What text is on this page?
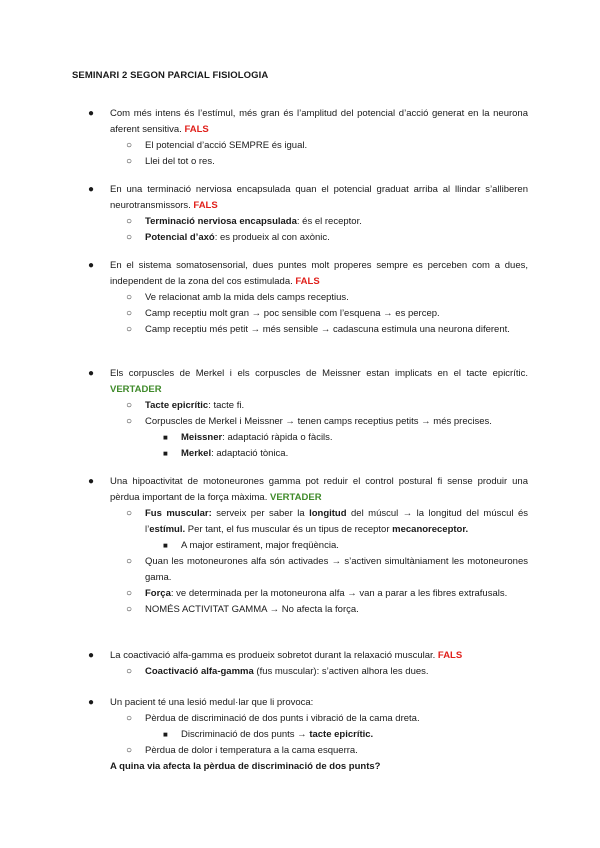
SEMINARI 2 SEGON PARCIAL FISIOLOGIA
● Com més intens és l’estímul, més gran és l’amplitud del potencial d’acció generat en la neurona aferent sensitiva. FALS
○ El potencial d’acció SEMPRE és igual.
○ Llei del tot o res.
● En una terminació nerviosa encapsulada quan el potencial graduat arriba al llindar s’alliberen neurotransmissors. FALS
○ Terminació nerviosa encapsulada: és el receptor.
○ Potencial d’axó: es produeix al con axònic.
● En el sistema somatosensorial, dues puntes molt properes sempre es perceben com a dues, independent de la zona del cos estimulada. FALS
○ Ve relacionat amb la mida dels camps receptius.
○ Camp receptiu molt gran → poc sensible com l’esquena → es percep.
○ Camp receptiu més petit → més sensible → cadascuna estimula una neurona diferent.
● Els corpuscles de Merkel i els corpuscles de Meissner estan implicats en el tacte epicrític. VERTADER
○ Tacte epicrític: tacte fi.
○ Corpuscles de Merkel i Meissner → tenen camps receptius petits → més precises.
■ Meissner: adaptació ràpida o fàcils.
■ Merkel: adaptació tònica.
● Una hipoactivitat de motoneurones gamma pot reduir el control postural fi sense produir una pèrdua important de la força màxima. VERTADER
○ Fus muscular: serveix per saber la longitud del múscul → la longitud del múscul és l’estímul. Per tant, el fus muscular és un tipus de receptor mecanoreceptor.
■ A major estirament, major freqüència.
○ Quan les motoneurones alfa són activades → s’activen simultàniament les motoneurones gama.
○ Força: ve determinada per la motoneurona alfa → van a parar a les fibres extrafusals.
○ NOMÉS ACTIVITAT GAMMA → No afecta la força.
● La coactivació alfa-gamma es produeix sobretot durant la relaxació muscular. FALS
○ Coactivació alfa-gamma (fus muscular): s’activen alhora les dues.
● Un pacient té una lesió medul·lar que li provoca:
○ Pèrdua de discriminació de dos punts i vibració de la cama dreta.
■ Discriminació de dos punts → tacte epicrític.
○ Pèrdua de dolor i temperatura a la cama esquerra.
A quina via afecta la pèrdua de discriminació de dos punts?
